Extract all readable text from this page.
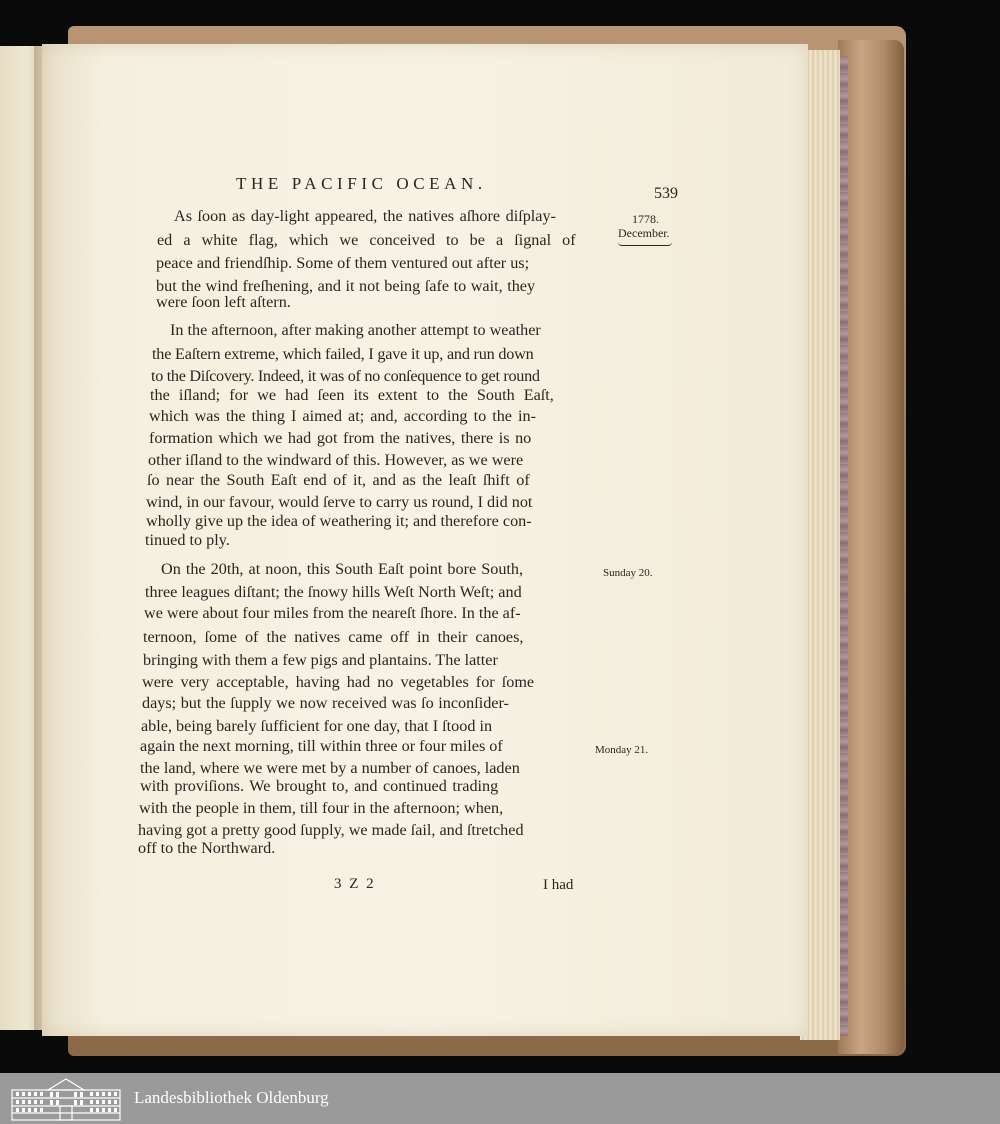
THE PACIFIC OCEAN.
539
1778.
December.
Sunday 20.
Monday 21.
As ſoon as day-light appeared, the natives aſhore diſplay-
ed a white flag, which we conceived to be a ſignal of
peace and friendſhip. Some of them ventured out after us;
but the wind freſhening, and it not being ſafe to wait, they
were ſoon left aſtern.
In the afternoon, after making another attempt to weather
the Eaſtern extreme, which failed, I gave it up, and run down
to the Diſcovery. Indeed, it was of no conſequence to get round
the iſland; for we had ſeen its extent to the South Eaſt,
which was the thing I aimed at; and, according to the in-
formation which we had got from the natives, there is no
other iſland to the windward of this. However, as we were
ſo near the South Eaſt end of it, and as the leaſt ſhift of
wind, in our favour, would ſerve to carry us round, I did not
wholly give up the idea of weathering it; and therefore con-
tinued to ply.
On the 20th, at noon, this South Eaſt point bore South,
three leagues diſtant; the ſnowy hills Weſt North Weſt; and
we were about four miles from the neareſt ſhore. In the af-
ternoon, ſome of the natives came off in their canoes,
bringing with them a few pigs and plantains. The latter
were very acceptable, having had no vegetables for ſome
days; but the ſupply we now received was ſo inconſider-
able, being barely ſufficient for one day, that I ſtood in
again the next morning, till within three or four miles of
the land, where we were met by a number of canoes, laden
with proviſions. We brought to, and continued trading
with the people in them, till four in the afternoon; when,
having got a pretty good ſupply, we made ſail, and ſtretched
off to the Northward.
3 Z 2	I had
Landesbibliothek Oldenburg
